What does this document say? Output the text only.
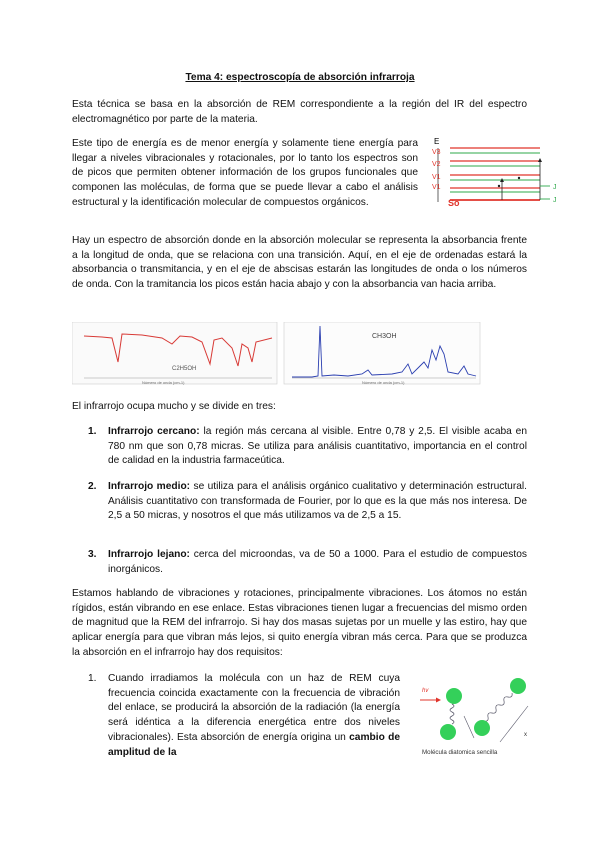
Tema 4: espectroscopía de absorción infrarroja

Esta técnica se basa en la absorción de REM correspondiente a la región del IR del espectro electromagnético por parte de la materia.

Este tipo de energía es de menor energía y solamente tiene energía para llegar a niveles vibracionales y rotacionales, por lo tanto los espectros son de picos que permiten obtener información de los grupos funcionales que componen las moléculas, de forma que se puede llevar a cabo el análisis estructural y la identificación molecular de compuestos orgánicos.

E
V3
V2
V1
V1
So
J
J

Hay un espectro de absorción donde en la absorción molecular se representa la absorbancia frente a la longitud de onda, que se relaciona con una transición. Aquí, en el eje de ordenadas estará la absorbancia o transmitancia, y en el eje de abscisas estarán las longitudes de onda o los números de onda. Con la tramitancia los picos están hacia abajo y con la absorbancia van hacia arriba.

C2H5OH
Número de onda (cm-1)
CH3OH
Número de onda (cm-1)

El infrarrojo ocupa mucho y se divide en tres:

1. Infrarrojo cercano: la región más cercana al visible. Entre 0,78 y 2,5. El visible acaba en 780 nm que son 0,78 micras. Se utiliza para análisis cuantitativo, importancia en el control de calidad en la industria farmaceútica.

2. Infrarrojo medio: se utiliza para el análisis orgánico cualitativo y determinación estructural. Análisis cuantitativo con transformada de Fourier, por lo que es la que más nos interesa. De 2,5 a 50 micras, y nosotros el que más utilizamos va de 2,5 a 15.

3. Infrarrojo lejano: cerca del microondas, va de 50 a 1000. Para el estudio de compuestos inorgánicos.

Estamos hablando de vibraciones y rotaciones, principalmente vibraciones. Los átomos no están rígidos, están vibrando en ese enlace. Estas vibraciones tienen lugar a frecuencias del mismo orden de magnitud que la REM del infrarrojo. Si hay dos masas sujetas por un muelle y las estiro, hay que aplicar energía para que vibran más lejos, si quito energía vibran más cerca. Para que se produzca la absorción en el infrarrojo hay dos requisitos:

1. Cuando irradiamos la molécula con un haz de REM cuya frecuencia coincida exactamente con la frecuencia de vibración del enlace, se producirá la absorción de la radiación (la energía será idéntica a la diferencia energética entre dos niveles vibracionales). Esta absorción de energía origina un cambio de amplitud de la

hv
x
Molécula diatomica sencilla
